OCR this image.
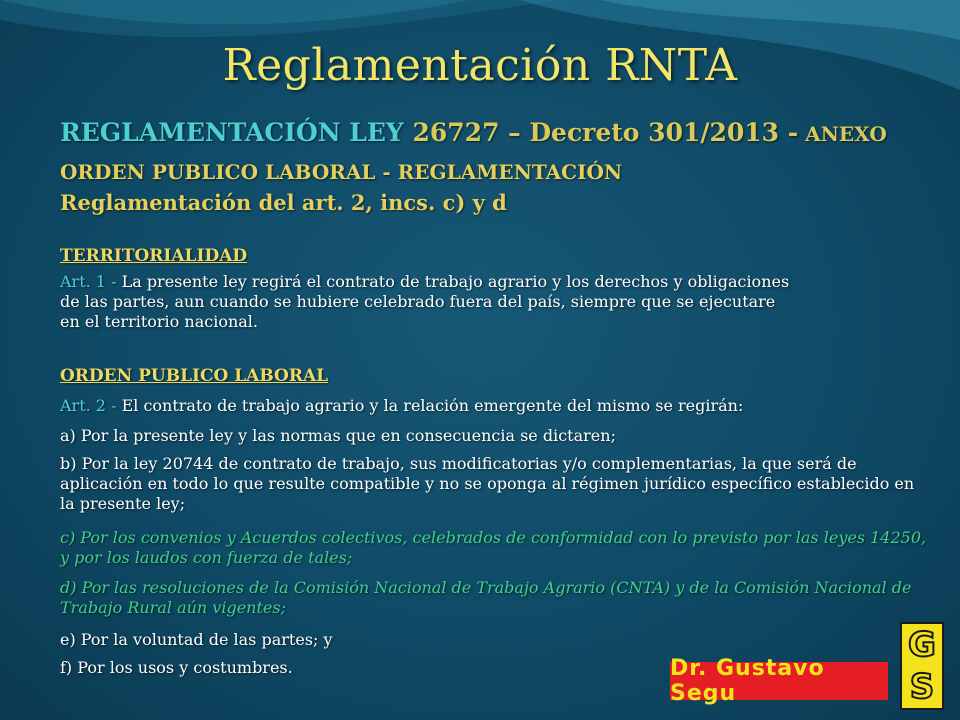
Reglamentación RNTA
REGLAMENTACIÓN LEY 26727 – Decreto 301/2013 - ANEXO
ORDEN PUBLICO LABORAL - REGLAMENTACIÓN
Reglamentación del art. 2, incs. c) y d
TERRITORIALIDAD
Art. 1 - La presente ley regirá el contrato de trabajo agrario y los derechos y obligaciones
de las partes, aun cuando se hubiere celebrado fuera del país, siempre que se ejecutare
en el territorio nacional.
ORDEN PUBLICO LABORAL
Art. 2 - El contrato de trabajo agrario y la relación emergente del mismo se regirán:
a) Por la presente ley y las normas que en consecuencia se dictaren;
b) Por la ley 20744 de contrato de trabajo, sus modificatorias y/o complementarias, la que será de aplicación en todo lo que resulte compatible y no se oponga al régimen jurídico específico establecido en la presente ley;
c) Por los convenios y Acuerdos colectivos, celebrados de conformidad con lo previsto por las leyes 14250, y por los laudos con fuerza de tales;
d) Por las resoluciones de la Comisión Nacional de Trabajo Agrario (CNTA) y de la Comisión Nacional de Trabajo Rural aún vigentes;
e) Por la voluntad de las partes; y
f) Por los usos y costumbres.	Dr. Gustavo Segu
G
S
